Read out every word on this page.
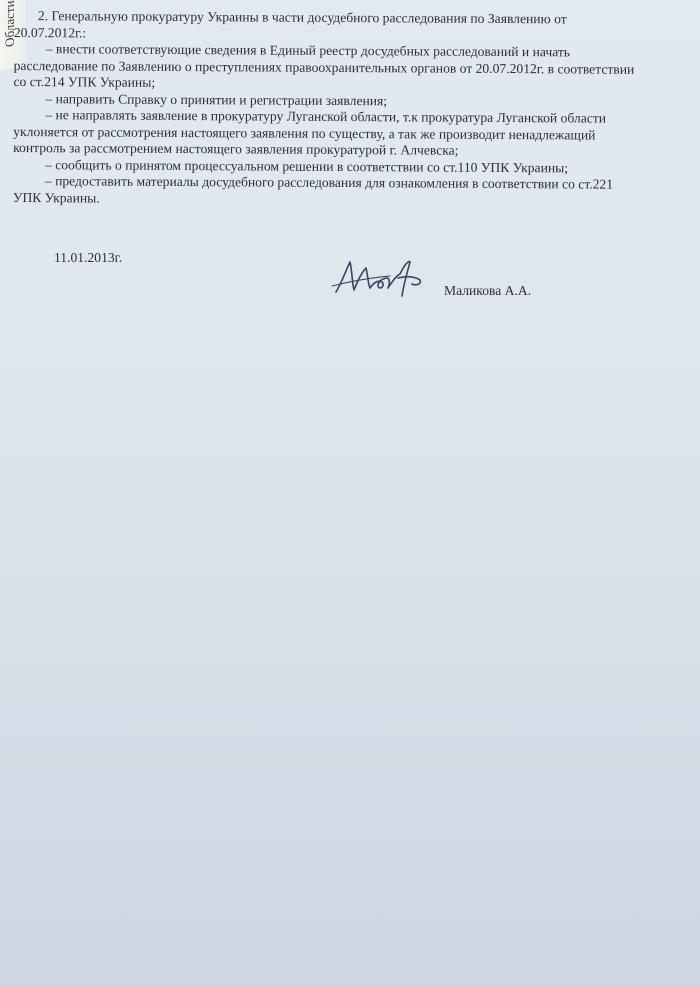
Области	2. Генеральную прокуратуру Украины в части досудебного расследования по Заявлению от

20.07.2012г.:

– внести соответствующие сведения в Единый реестр досудебных расследований и начать

расследование по Заявлению о преступлениях правоохранительных органов от 20.07.2012г. в соответствии

со ст.214 УПК Украины;

– направить Справку о принятии и регистрации заявления;

– не направлять заявление в прокуратуру Луганской области, т.к прокуратура Луганской области

уклоняется от рассмотрения настоящего заявления по существу, а так же производит ненадлежащий

контроль за рассмотрением настоящего заявления прокуратурой г. Алчевска;

– сообщить о принятом процессуальном решении в соответствии со ст.110 УПК Украины;

– предоставить материалы досудебного расследования для ознакомления в соответствии со ст.221

УПК Украины.

11.01.2013г.
Маликова А.А.
